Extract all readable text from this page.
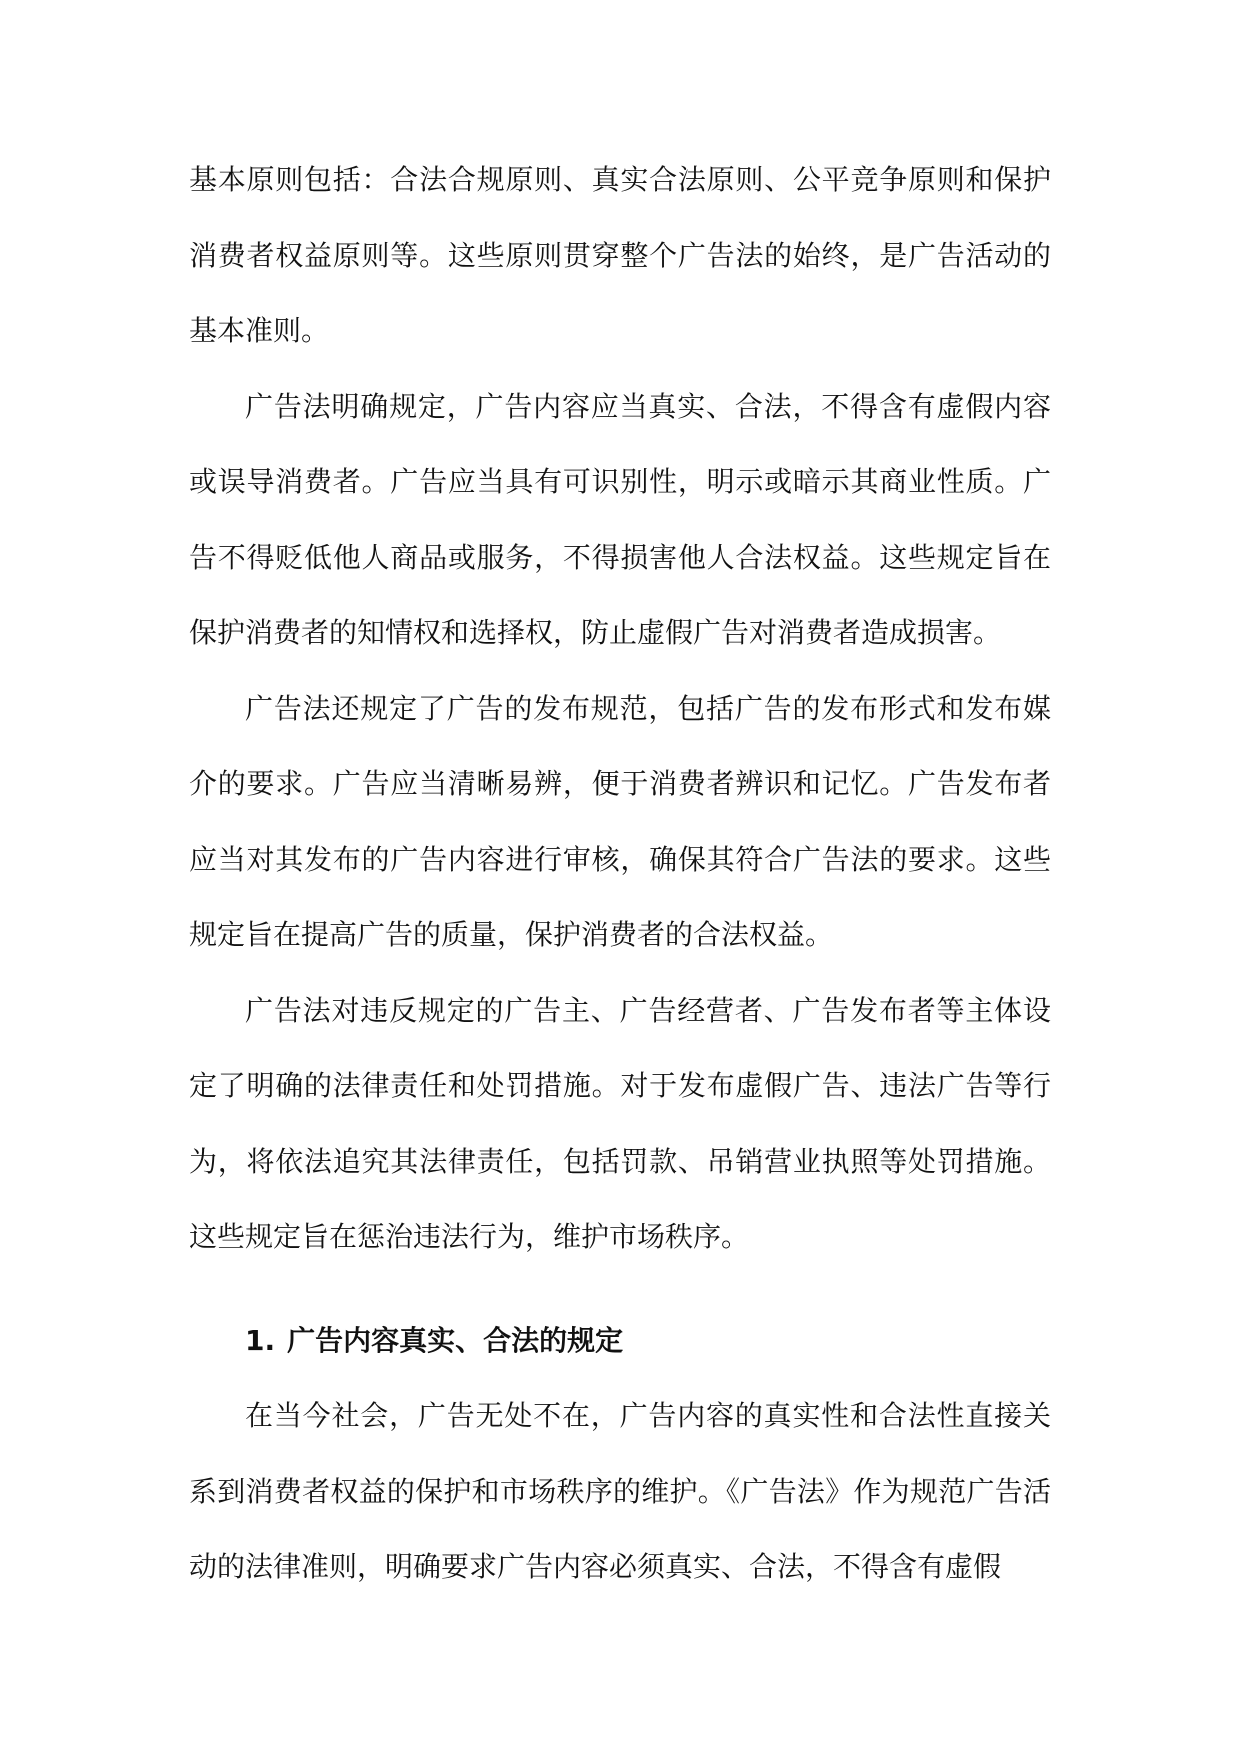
基本原则包括：合法合规原则、真实合法原则、公平竞争原则和保护消费者权益原则等。这些原则贯穿整个广告法的始终，是广告活动的基本准则。

广告法明确规定，广告内容应当真实、合法，不得含有虚假内容或误导消费者。广告应当具有可识别性，明示或暗示其商业性质。广告不得贬低他人商品或服务，不得损害他人合法权益。这些规定旨在保护消费者的知情权和选择权，防止虚假广告对消费者造成损害。

广告法还规定了广告的发布规范，包括广告的发布形式和发布媒介的要求。广告应当清晰易辨，便于消费者辨识和记忆。广告发布者应当对其发布的广告内容进行审核，确保其符合广告法的要求。这些规定旨在提高广告的质量，保护消费者的合法权益。

广告法对违反规定的广告主、广告经营者、广告发布者等主体设定了明确的法律责任和处罚措施。对于发布虚假广告、违法广告等行为，将依法追究其法律责任，包括罚款、吊销营业执照等处罚措施。这些规定旨在惩治违法行为，维护市场秩序。

1. 广告内容真实、合法的规定

在当今社会，广告无处不在，广告内容的真实性和合法性直接关系到消费者权益的保护和市场秩序的维护。《广告法》作为规范广告活动的法律准则，明确要求广告内容必须真实、合法，不得含有虚假
